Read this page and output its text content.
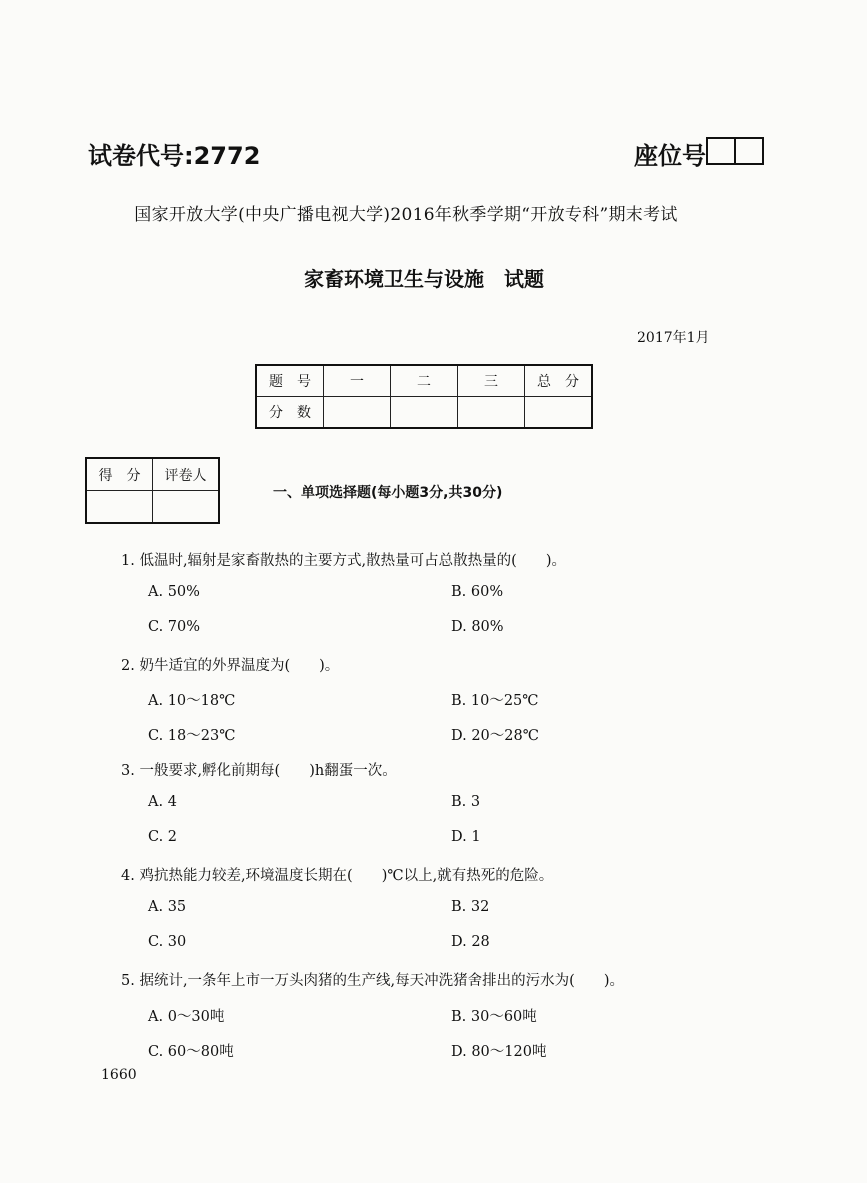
试卷代号:2772	座位号
国家开放大学(中央广播电视大学)2016年秋季学期“开放专科”期末考试
家畜环境卫生与设施　试题
2017年1月
题　号	一	二	三	总　分
分　数				
得　分	评卷人

一、单项选择题(每小题3分,共30分)
1. 低温时,辐射是家畜散热的主要方式,散热量可占总散热量的(　　)。
A. 50%	B. 60%
C. 70%	D. 80%
2. 奶牛适宜的外界温度为(　　)。
A. 10～18℃	B. 10～25℃
C. 18～23℃	D. 20～28℃
3. 一般要求,孵化前期每(　　)h翻蛋一次。
A. 4	B. 3
C. 2	D. 1
4. 鸡抗热能力较差,环境温度长期在(　　)℃以上,就有热死的危险。
A. 35	B. 32
C. 30	D. 28
5. 据统计,一条年上市一万头肉猪的生产线,每天冲洗猪舍排出的污水为(　　)。
A. 0～30吨	B. 30～60吨
C. 60～80吨	D. 80～120吨
1660
